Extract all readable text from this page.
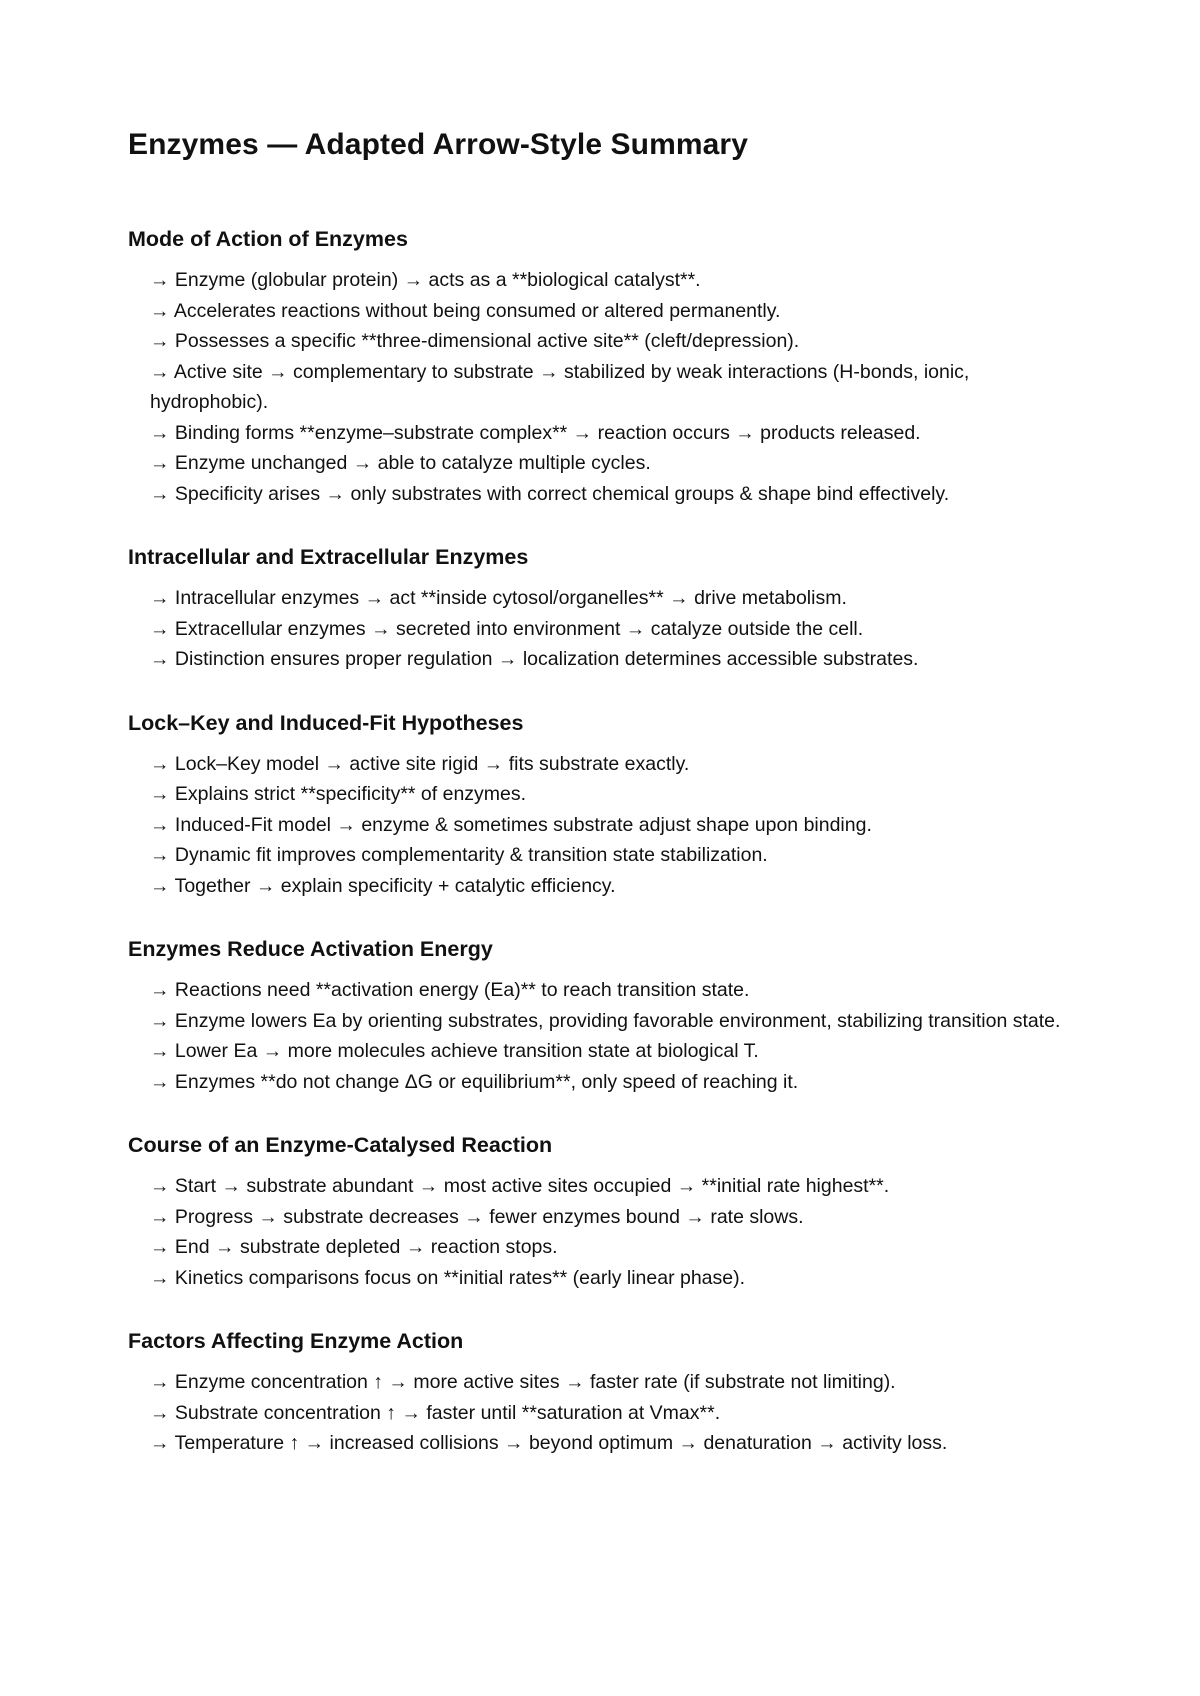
Enzymes — Adapted Arrow-Style Summary
Mode of Action of Enzymes
→ Enzyme (globular protein) → acts as a **biological catalyst**.
→ Accelerates reactions without being consumed or altered permanently.
→ Possesses a specific **three-dimensional active site** (cleft/depression).
→ Active site → complementary to substrate → stabilized by weak interactions (H-bonds, ionic, hydrophobic).
→ Binding forms **enzyme–substrate complex** → reaction occurs → products released.
→ Enzyme unchanged → able to catalyze multiple cycles.
→ Specificity arises → only substrates with correct chemical groups & shape bind effectively.
Intracellular and Extracellular Enzymes
→ Intracellular enzymes → act **inside cytosol/organelles** → drive metabolism.
→ Extracellular enzymes → secreted into environment → catalyze outside the cell.
→ Distinction ensures proper regulation → localization determines accessible substrates.
Lock–Key and Induced-Fit Hypotheses
→ Lock–Key model → active site rigid → fits substrate exactly.
→ Explains strict **specificity** of enzymes.
→ Induced-Fit model → enzyme & sometimes substrate adjust shape upon binding.
→ Dynamic fit improves complementarity & transition state stabilization.
→ Together → explain specificity + catalytic efficiency.
Enzymes Reduce Activation Energy
→ Reactions need **activation energy (Ea)** to reach transition state.
→ Enzyme lowers Ea by orienting substrates, providing favorable environment, stabilizing transition state.
→ Lower Ea → more molecules achieve transition state at biological T.
→ Enzymes **do not change ΔG or equilibrium**, only speed of reaching it.
Course of an Enzyme-Catalysed Reaction
→ Start → substrate abundant → most active sites occupied → **initial rate highest**.
→ Progress → substrate decreases → fewer enzymes bound → rate slows.
→ End → substrate depleted → reaction stops.
→ Kinetics comparisons focus on **initial rates** (early linear phase).
Factors Affecting Enzyme Action
→ Enzyme concentration ↑ → more active sites → faster rate (if substrate not limiting).
→ Substrate concentration ↑ → faster until **saturation at Vmax**.
→ Temperature ↑ → increased collisions → beyond optimum → denaturation → activity loss.
